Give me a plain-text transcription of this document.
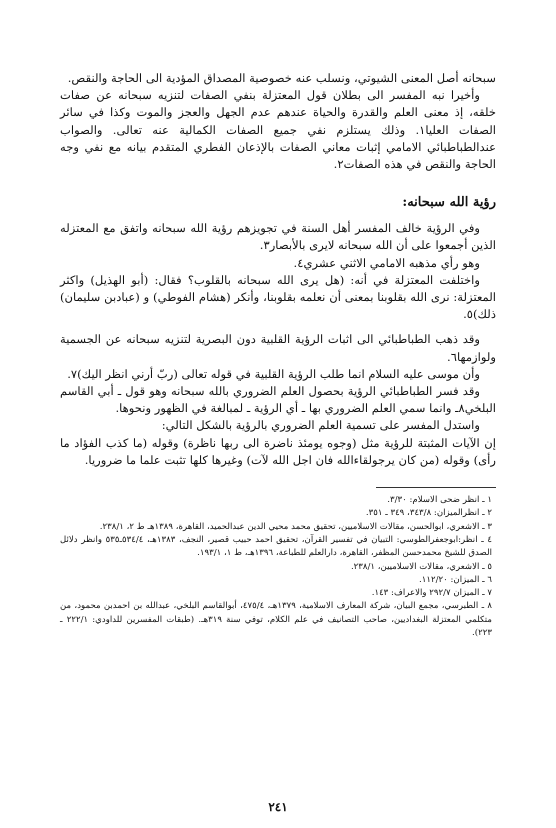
سبحانه أصل المعنى الشيوتي، ونسلب عنه خصوصية المصداق المؤدية الى الحاجة والنقص.

وأخيرا نبه المفسر الى بطلان قول المعتزلة بنفي الصفات لتنزيه سبحانه عن صفات خلقه، إذ معنى العلم والقدرة والحياة عندهم عدم الجهل والعجز والموت وكذا في سائر الصفات العليا١. وذلك يستلزم نفي جميع الصفات الكمالية عنه تعالى. والصواب عندالطباطبائي الامامي إثبات معاني الصفات بالإذعان الفطري المتقدم بيانه مع نفي وجه الحاجة والنقص في هذه الصفات٢.

رؤية الله سبحانه:

وفي الرؤية خالف المفسر أهل السنة في تجويزهم رؤية الله سبحانه واتفق مع المعتزله الذين أجمعوا على أن الله سبحانه لايرى بالأبصار٣.

وهو رأي مذهبه الامامي الاثني عشري٤.

واختلفت المعتزلة في أنه: (هل يرى الله سبحانه بالقلوب؟ فقال: (أبو الهذيل) واكثر المعتزلة: نرى الله بقلوبنا بمعنى أن نعلمه بقلوبنا، وأنكر (هشام الفوطي) و (عبادبن سليمان) ذلك)٥.

وقد ذهب الطباطبائي الى اثبات الرؤية القلبية دون البصرية لتنزيه سبحانه عن الجسمية ولوازمها٦.

وأن موسى عليه السلام انما طلب الرؤية القلبية في قوله تعالى (ربّ أرني انظر اليك)٧.

وقد فسر الطباطبائي الرؤية بحصول العلم الضروري بالله سبحانه وهو قول ـ أبي القاسم البلخي٨ـ وانما سمي العلم الضروري بها ـ أي الرؤية ـ لمبالغة في الظهور ونحوها.

واستدل المفسر على تسمية العلم الضروري بالرؤية بالشكل التالي:

إن الآيات المثبتة للرؤية مثل (وجوه يومئذ ناضرة الى ربها ناظرة) وقوله (ما كذب الفؤاد ما رأى) وقوله (من كان يرجولقاءالله فان اجل الله لآت) وغيرها كلها تثبت علما ما ضروريا.

١ ـ انظر ضحى الاسلام: ٣/٣٠.

٢ ـ انظرالميزان: ٣٤٣/٨، ٣٤٩ ـ ٣٥١.

٣ ـ الاشعري، ابوالحسن، مقالات الاسلاميين، تحقيق محمد محيي الدين عبدالحميد، القاهرة، ١٣٨٩هـ ط ٢، ٢٣٨/١.

٤ ـ انظر:ابوجعفرالطوسي: التبيان في تفسير القرآن، تحقيق احمد حبيب قصير، النجف، ١٣٨٣هـ، ٥٣٤/٤ـ٥٣٥ وانظر دلائل الصدق للشيخ محمدحسن المظفر، القاهرة، دارالعلم للطباعة، ١٣٩٦هـ، ط ١، ١٩٣/١.

٥ ـ الاشعري، مقالات الاسلاميين، ٢٣٨/١.

٦ ـ الميزان: ١١٢/٢٠.

٧ ـ الميزان ٢٩٢/٧ والاعراف: ١٤٣.

٨ ـ الطبرسي، مجمع البيان، شركة المعارف الاسلامية، ١٣٧٩هـ، ٤٧٥/٤، أبوالقاسم البلخي، عبدالله بن احمدبن محمود، من متكلمي المعتزلة البغداديين، صاحب التصانيف في علم الكلام، توفي سنة ٣١٩هـ. (طبقات المفسرين للداودي: ٢٢٢/١ ـ ٢٢٣).

٢٤١
